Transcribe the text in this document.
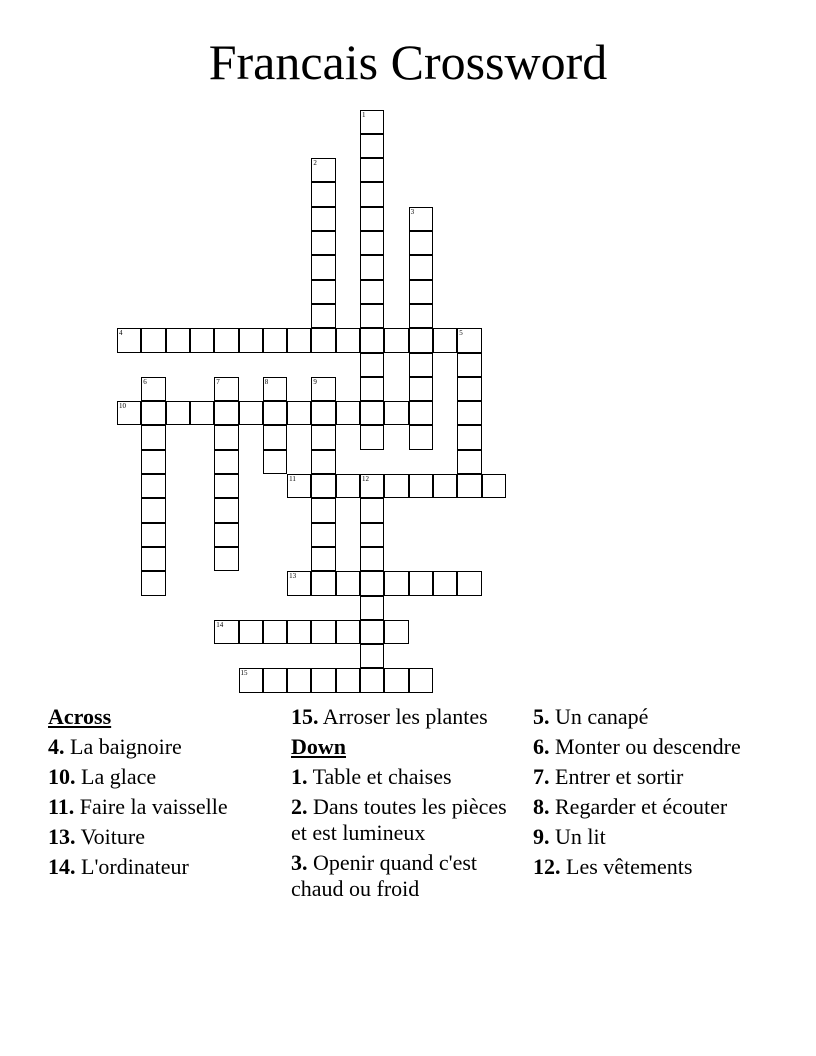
Francais Crossword
1
2
3
4	5
6	7	8	9
10
11	12
13
14
15
Across
4. La baignoire
10. La glace
11. Faire la vaisselle
13. Voiture
14. L'ordinateur
15. Arroser les plantes
Down
1. Table et chaises
2. Dans toutes les pièces et est lumineux
3. Openir quand c'est chaud ou froid
5. Un canapé
6. Monter ou descendre
7. Entrer et sortir
8. Regarder et écouter
9. Un lit
12. Les vêtements
